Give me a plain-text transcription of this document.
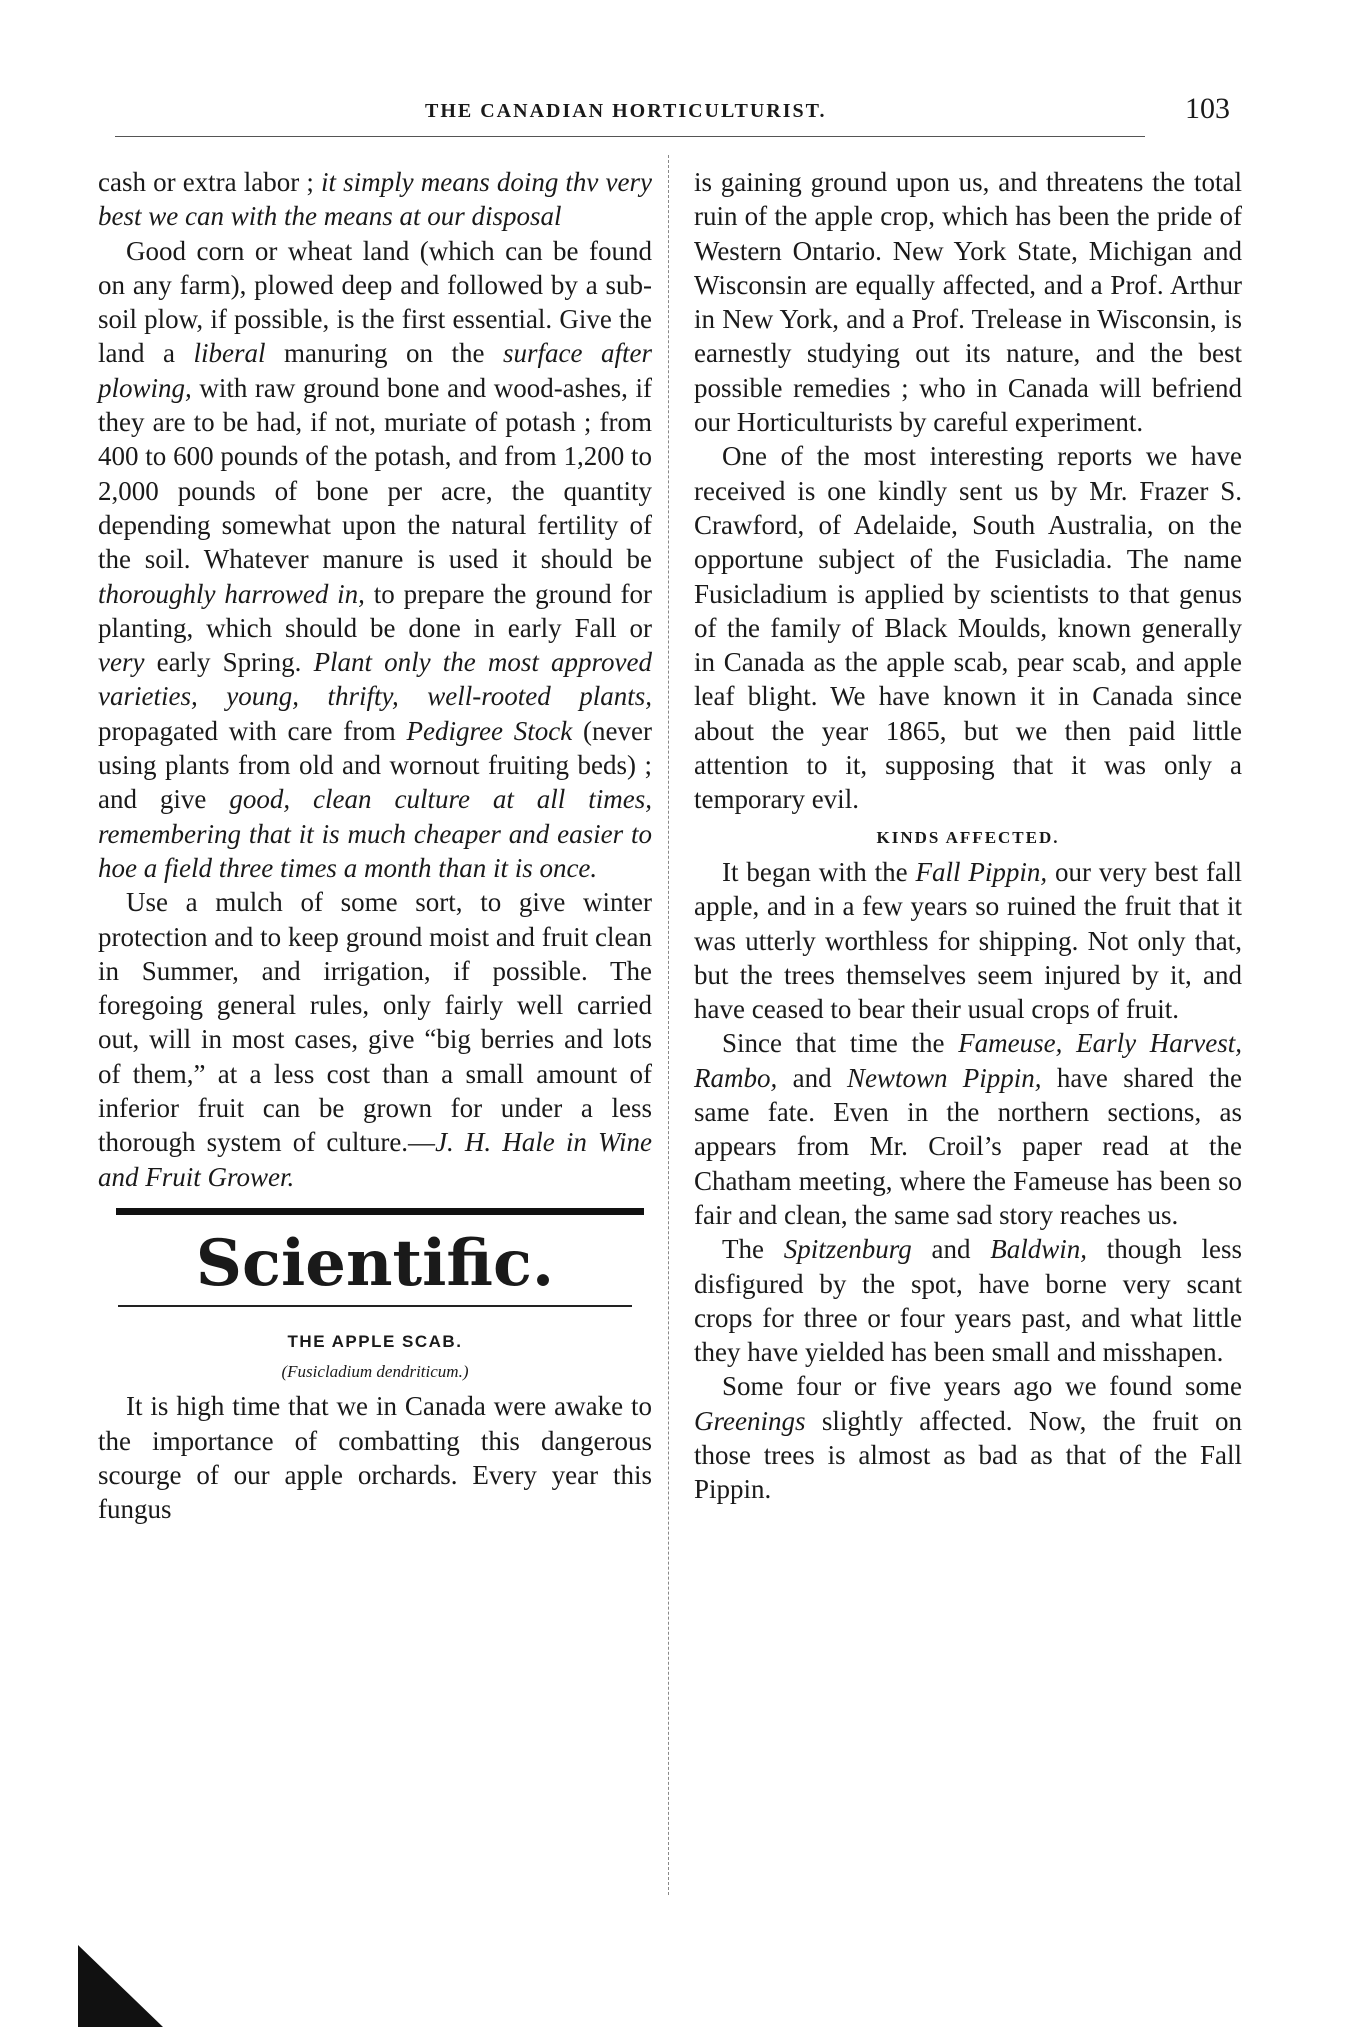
THE CANADIAN HORTICULTURIST.	103

cash or extra labor ; it simply means doing thv very best we can with the means at our disposal

Good corn or wheat land (which can be found on any farm), plowed deep and followed by a sub-soil plow, if possible, is the first essential. Give the land a liberal manuring on the surface after plowing, with raw ground bone and wood-ashes, if they are to be had, if not, muriate of potash ; from 400 to 600 pounds of the potash, and from 1,200 to 2,000 pounds of bone per acre, the quantity depending somewhat upon the natural fertility of the soil. Whatever manure is used it should be thoroughly harrowed in, to prepare the ground for planting, which should be done in early Fall or very early Spring. Plant only the most approved varieties, young, thrifty, well-rooted plants, propagated with care from Pedigree Stock (never using plants from old and wornout fruiting beds) ; and give good, clean culture at all times, remembering that it is much cheaper and easier to hoe a field three times a month than it is once.

Use a mulch of some sort, to give winter protection and to keep ground moist and fruit clean in Summer, and irrigation, if possible. The foregoing general rules, only fairly well carried out, will in most cases, give “big berries and lots of them,” at a less cost than a small amount of inferior fruit can be grown for under a less thorough system of culture.—J. H. Hale in Wine and Fruit Grower.

Scientific.
THE APPLE SCAB.
(Fusicladium dendriticum.)

It is high time that we in Canada were awake to the importance of combatting this dangerous scourge of our apple orchards. Every year this fungus

is gaining ground upon us, and threatens the total ruin of the apple crop, which has been the pride of Western Ontario. New York State, Michigan and Wisconsin are equally affected, and a Prof. Arthur in New York, and a Prof. Trelease in Wisconsin, is earnestly studying out its nature, and the best possible remedies ; who in Canada will befriend our Horticulturists by careful experiment.

One of the most interesting reports we have received is one kindly sent us by Mr. Frazer S. Crawford, of Adelaide, South Australia, on the opportune subject of the Fusicladia. The name Fusicladium is applied by scientists to that genus of the family of Black Moulds, known generally in Canada as the apple scab, pear scab, and apple leaf blight. We have known it in Canada since about the year 1865, but we then paid little attention to it, supposing that it was only a temporary evil.

KINDS AFFECTED.

It began with the Fall Pippin, our very best fall apple, and in a few years so ruined the fruit that it was utterly worthless for shipping. Not only that, but the trees themselves seem injured by it, and have ceased to bear their usual crops of fruit.

Since that time the Fameuse, Early Harvest, Rambo, and Newtown Pippin, have shared the same fate. Even in the northern sections, as appears from Mr. Croil’s paper read at the Chatham meeting, where the Fameuse has been so fair and clean, the same sad story reaches us.

The Spitzenburg and Baldwin, though less disfigured by the spot, have borne very scant crops for three or four years past, and what little they have yielded has been small and misshapen.

Some four or five years ago we found some Greenings slightly affected. Now, the fruit on those trees is almost as bad as that of the Fall Pippin.
